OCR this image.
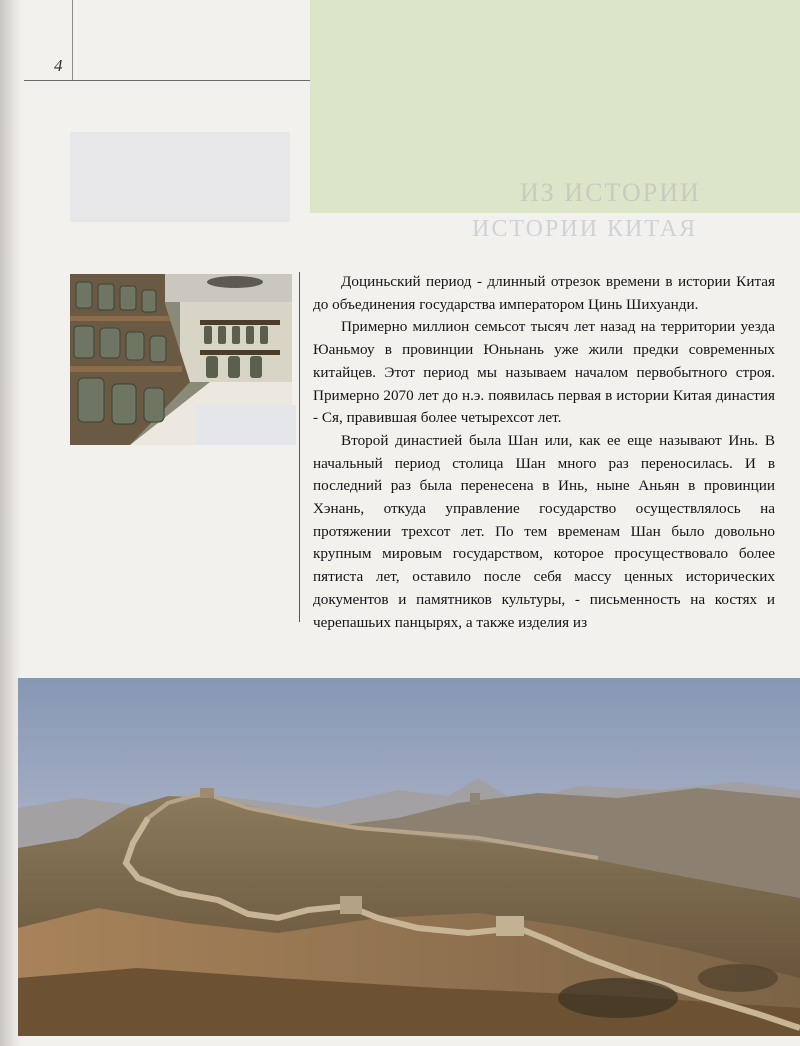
4
ИЗ ИСТОРИИ
ИСТОРИИ КИТАЯ

Доциньский период - длинный отрезок времени в истории Китая до объединения государства императором Цинь Шихуанди.

Примерно миллион семьсот тысяч лет назад на территории уезда Юаньмоу в провинции Юньнань уже жили предки современных китайцев. Этот период мы называем началом первобытного строя. Примерно 2070 лет до н.э. появилась первая в истории Китая династия - Ся, правившая более четырехсот лет.

Второй династией была Шан или, как ее еще называют Инь. В начальный период столица Шан много раз переносилась. И в последний раз была перенесена в Инь, ныне Аньян в провинции Хэнань, откуда управление государство осуществлялось на протяжении трехсот лет. По тем временам Шан было довольно крупным мировым государством, которое просуществовало более пятиста лет, оставило после себя массу ценных исторических документов и памятников культуры, - письменность на костях и черепашьих панцырях, а также изделия из
